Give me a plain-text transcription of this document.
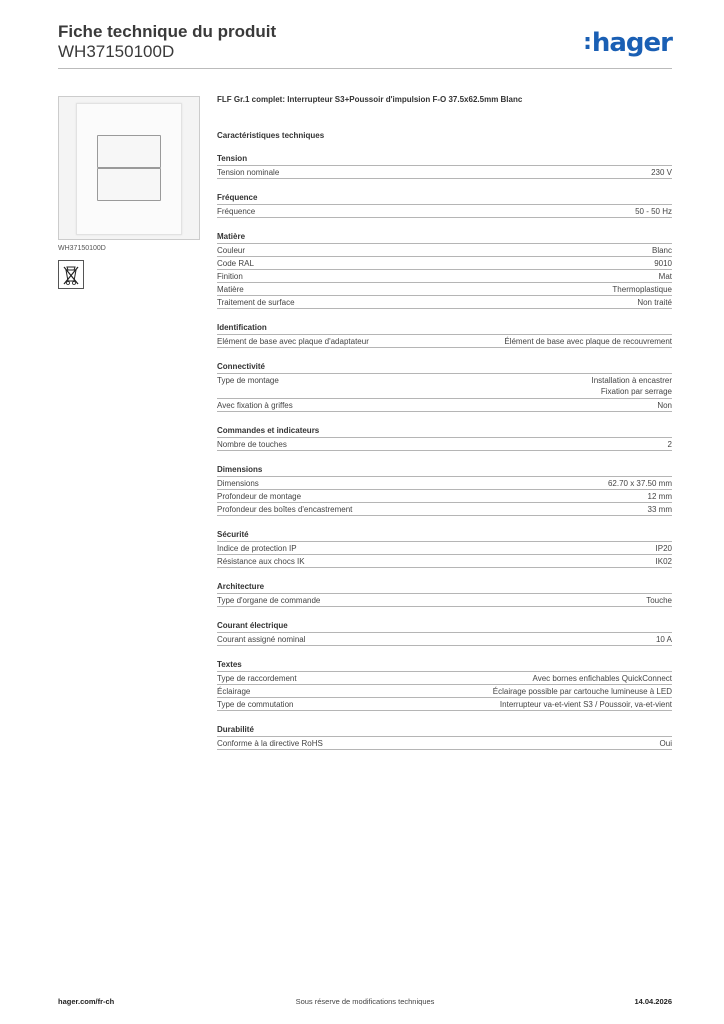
Fiche technique du produit
WH37150100D	:hager
WH37150100D
FLF Gr.1 complet: Interrupteur S3+Poussoir d'impulsion F-O 37.5x62.5mm Blanc
Caractéristiques techniques
Tension
Tension nominale	230 V
Fréquence
Fréquence	50 - 50 Hz
Matière
Couleur	Blanc
Code RAL	9010
Finition	Mat
Matière	Thermoplastique
Traitement de surface	Non traité
Identification
Elément de base avec plaque d'adaptateur	Élément de base avec plaque de recouvrement
Connectivité
Type de montage	Installation à encastrer
Fixation par serrage
Avec fixation à griffes	Non
Commandes et indicateurs
Nombre de touches	2
Dimensions
Dimensions	62.70 x 37.50 mm
Profondeur de montage	12 mm
Profondeur des boîtes d'encastrement	33 mm
Sécurité
Indice de protection IP	IP20
Résistance aux chocs IK	IK02
Architecture
Type d'organe de commande	Touche
Courant électrique
Courant assigné nominal	10 A
Textes
Type de raccordement	Avec bornes enfichables QuickConnect
Éclairage	Éclairage possible par cartouche lumineuse à LED
Type de commutation	Interrupteur va-et-vient S3 / Poussoir, va-et-vient
Durabilité
Conforme à la directive RoHS	Oui
hager.com/fr-ch	Sous réserve de modifications techniques	14.04.2026
